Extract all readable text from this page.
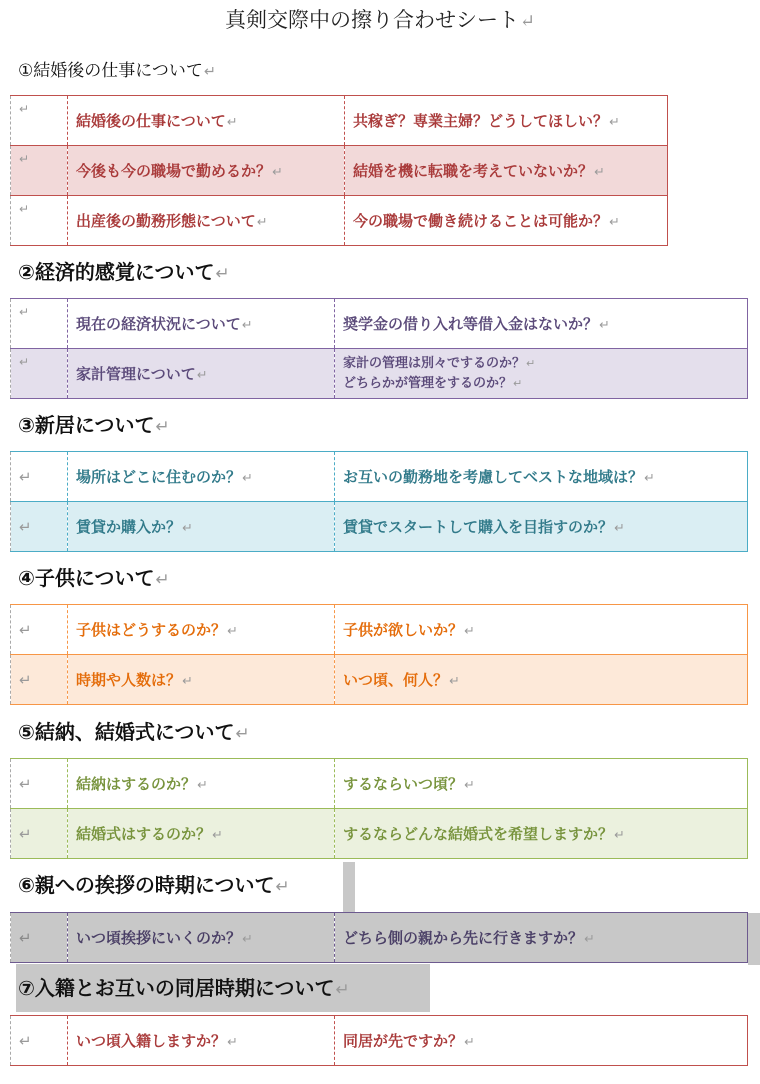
真剣交際中の擦り合わせシート↵
①結婚後の仕事について↵
↵	結婚後の仕事について↵	共稼ぎ？専業主婦？どうしてほしい？↵
↵	今後も今の職場で勤めるか？↵	結婚を機に転職を考えていないか？↵
↵	出産後の勤務形態について↵	今の職場で働き続けることは可能か？↵
②経済的感覚について↵
↵	現在の経済状況について↵	奨学金の借り入れ等借入金はないか？↵
↵	家計管理について↵	家計の管理は別々でするのか？↵
どちらかが管理をするのか？↵
③新居について↵
↵	場所はどこに住むのか？↵	お互いの勤務地を考慮してベストな地域は？↵
↵	賃貸か購入か？↵	賃貸でスタートして購入を目指すのか？↵
④子供について↵
↵	子供はどうするのか？↵	子供が欲しいか？↵
↵	時期や人数は？↵	いつ頃、何人？↵
⑤結納、結婚式について↵
↵	結納はするのか？↵	するならいつ頃？↵
↵	結婚式はするのか？↵	するならどんな結婚式を希望しますか？↵
⑥親への挨拶の時期について↵
↵	いつ頃挨拶にいくのか？↵	どちら側の親から先に行きますか？↵
⑦入籍とお互いの同居時期について↵
↵	いつ頃入籍しますか？↵	同居が先ですか？↵
